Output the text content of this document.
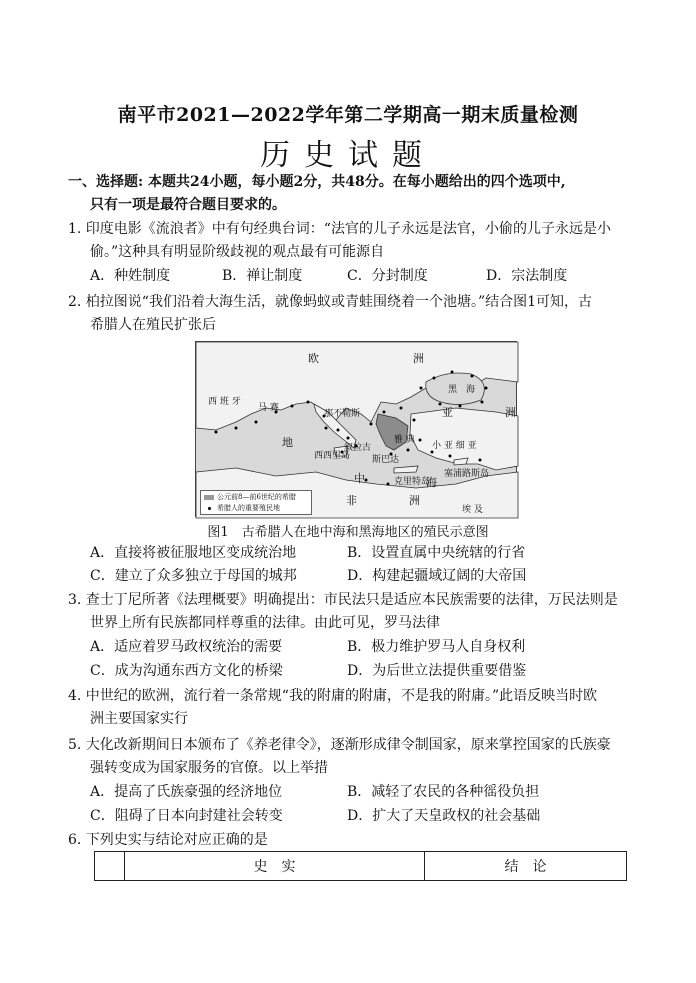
南平市2021—2022学年第二学期高一期末质量检测
历史试题
一、选择题: 本题共24小题，每小题2分，共48分。在每小题给出的四个选项中,
只有一项是最符合题目要求的。
1. 印度电影《流浪者》中有句经典台词：“法官的儿子永远是法官，小偷的儿子永远是小
偷。”这种具有明显阶级歧视的观点最有可能源自
A．种姓制度	B．禅让制度	C．分封制度	D．宗法制度
2. 柏拉图说“我们沿着大海生活，就像蚂蚁或青蛙围绕着一个池塘。”结合图1可知，古
希腊人在殖民扩张后
欧　　　　洲
西 班 牙
马 赛
那不勒斯
叙拉古
西西里岛 斯巴达
雅 典
克里特岛
亚　　洲
小 亚 细 亚
塞浦路斯岛
黑　海
地
中	海
非　　洲
埃 及
公元前8—前6世纪的希腊
希腊人的重要殖民地
图1　古希腊人在地中海和黑海地区的殖民示意图
A．直接将被征服地区变成统治地	B．设置直属中央统辖的行省
C．建立了众多独立于母国的城邦	D．构建起疆域辽阔的大帝国
3. 查士丁尼所著《法理概要》明确提出：市民法只是适应本民族需要的法律，万民法则是
世界上所有民族都同样尊重的法律。由此可见，罗马法律
A．适应着罗马政权统治的需要	B．极力维护罗马人自身权利
C．成为沟通东西方文化的桥梁	D．为后世立法提供重要借鉴
4. 中世纪的欧洲，流行着一条常规“我的附庸的附庸，不是我的附庸。”此语反映当时欧
洲主要国家实行
5. 大化改新期间日本颁布了《养老律令》，逐渐形成律令制国家，原来掌控国家的氏族豪
强转变成为国家服务的官僚。以上举措
A．提高了氏族豪强的经济地位	B．减轻了农民的各种徭役负担
C．阻碍了日本向封建社会转变	D．扩大了天皇政权的社会基础
6. 下列史实与结论对应正确的是
	史　实	结　论
